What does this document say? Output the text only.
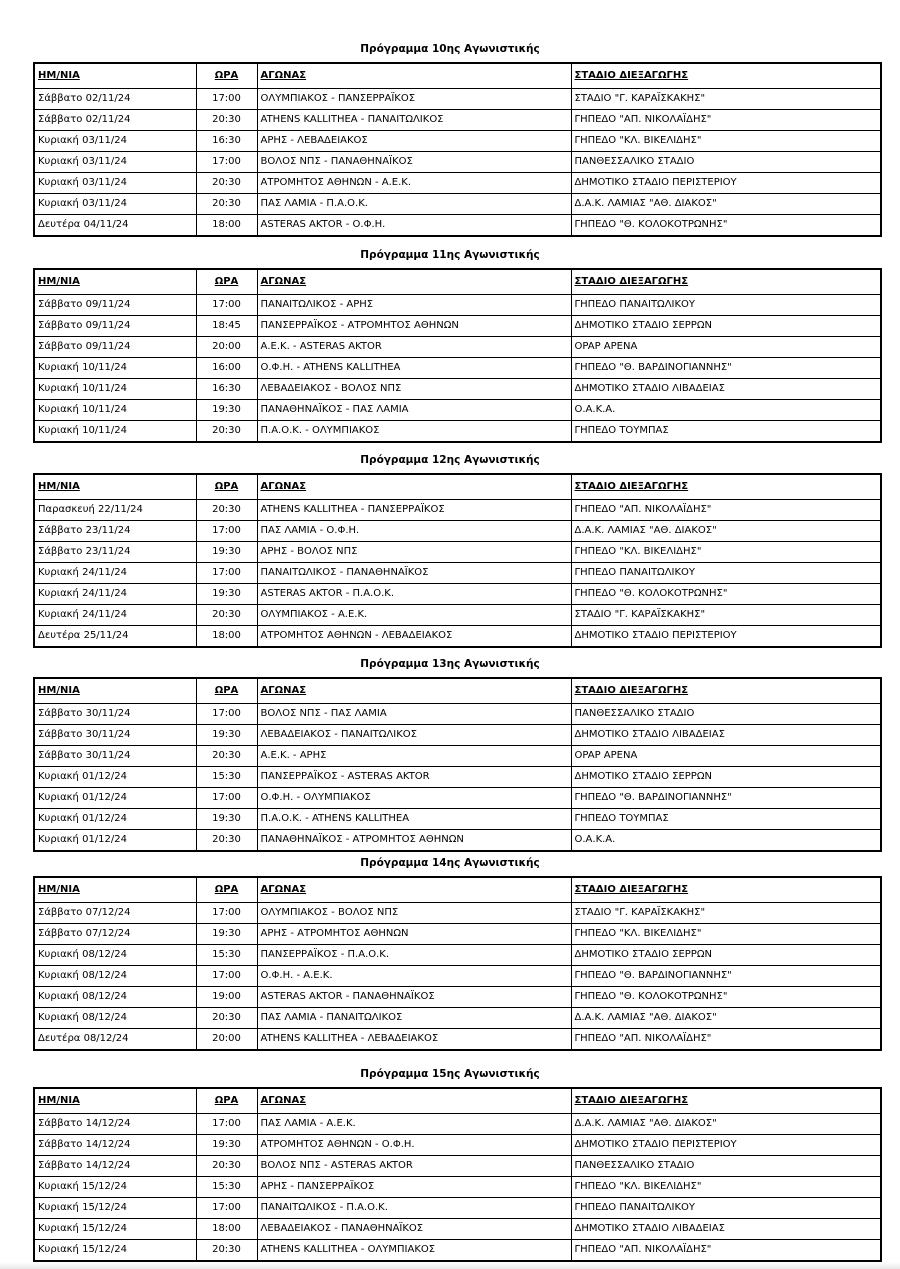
Πρόγραμμα 10ης Αγωνιστικής
ΗΜ/ΝΙΑ	ΩΡΑ	ΑΓΩΝΑΣ	ΣΤΑΔΙΟ ΔΙΕΞΑΓΩΓΗΣ
Σάββατο 02/11/24	17:00	ΟΛΥΜΠΙΑΚΟΣ - ΠΑΝΣΕΡΡΑΪΚΟΣ	ΣΤΑΔΙΟ "Γ. ΚΑΡΑΪΣΚΑΚΗΣ"
Σάββατο 02/11/24	20:30	ATHENS KALLITHEA - ΠΑΝΑΙΤΩΛΙΚΟΣ	ΓΗΠΕΔΟ "ΑΠ. ΝΙΚΟΛΑΪΔΗΣ"
Κυριακή 03/11/24	16:30	ΑΡΗΣ - ΛΕΒΑΔΕΙΑΚΟΣ	ΓΗΠΕΔΟ "ΚΛ. ΒΙΚΕΛΙΔΗΣ"
Κυριακή 03/11/24	17:00	ΒΟΛΟΣ ΝΠΣ - ΠΑΝΑΘΗΝΑΪΚΟΣ	ΠΑΝΘΕΣΣΑΛΙΚΟ ΣΤΑΔΙΟ
Κυριακή 03/11/24	20:30	ΑΤΡΟΜΗΤΟΣ ΑΘΗΝΩΝ - Α.Ε.Κ.	ΔΗΜΟΤΙΚΟ ΣΤΑΔΙΟ ΠΕΡΙΣΤΕΡΙΟΥ
Κυριακή 03/11/24	20:30	ΠΑΣ ΛΑΜΙΑ - Π.Α.Ο.Κ.	Δ.Α.Κ. ΛΑΜΙΑΣ "ΑΘ. ΔΙΑΚΟΣ"
Δευτέρα 04/11/24	18:00	ASTERAS AKTOR - Ο.Φ.Η.	ΓΗΠΕΔΟ "Θ. ΚΟΛΟΚΟΤΡΩΝΗΣ"
Πρόγραμμα 11ης Αγωνιστικής
ΗΜ/ΝΙΑ	ΩΡΑ	ΑΓΩΝΑΣ	ΣΤΑΔΙΟ ΔΙΕΞΑΓΩΓΗΣ
Σάββατο 09/11/24	17:00	ΠΑΝΑΙΤΩΛΙΚΟΣ - ΑΡΗΣ	ΓΗΠΕΔΟ ΠΑΝΑΙΤΩΛΙΚΟΥ
Σάββατο 09/11/24	18:45	ΠΑΝΣΕΡΡΑΪΚΟΣ - ΑΤΡΟΜΗΤΟΣ ΑΘΗΝΩΝ	ΔΗΜΟΤΙΚΟ ΣΤΑΔΙΟ ΣΕΡΡΩΝ
Σάββατο 09/11/24	20:00	Α.Ε.Κ. - ASTERAS AKTOR	OPAP ΑΡΕΝΑ
Κυριακή 10/11/24	16:00	Ο.Φ.Η. - ATHENS KALLITHEA	ΓΗΠΕΔΟ "Θ. ΒΑΡΔΙΝΟΓΙΑΝΝΗΣ"
Κυριακή 10/11/24	16:30	ΛΕΒΑΔΕΙΑΚΟΣ - ΒΟΛΟΣ ΝΠΣ	ΔΗΜΟΤΙΚΟ ΣΤΑΔΙΟ ΛΙΒΑΔΕΙΑΣ
Κυριακή 10/11/24	19:30	ΠΑΝΑΘΗΝΑΪΚΟΣ - ΠΑΣ ΛΑΜΙΑ	Ο.Α.Κ.Α.
Κυριακή 10/11/24	20:30	Π.Α.Ο.Κ. - ΟΛΥΜΠΙΑΚΟΣ	ΓΗΠΕΔΟ ΤΟΥΜΠΑΣ
Πρόγραμμα 12ης Αγωνιστικής
ΗΜ/ΝΙΑ	ΩΡΑ	ΑΓΩΝΑΣ	ΣΤΑΔΙΟ ΔΙΕΞΑΓΩΓΗΣ
Παρασκευή 22/11/24	20:30	ATHENS KALLITHEA - ΠΑΝΣΕΡΡΑΪΚΟΣ	ΓΗΠΕΔΟ "ΑΠ. ΝΙΚΟΛΑΪΔΗΣ"
Σάββατο 23/11/24	17:00	ΠΑΣ ΛΑΜΙΑ - Ο.Φ.Η.	Δ.Α.Κ. ΛΑΜΙΑΣ "ΑΘ. ΔΙΑΚΟΣ"
Σάββατο 23/11/24	19:30	ΑΡΗΣ - ΒΟΛΟΣ ΝΠΣ	ΓΗΠΕΔΟ "ΚΛ. ΒΙΚΕΛΙΔΗΣ"
Κυριακή 24/11/24	17:00	ΠΑΝΑΙΤΩΛΙΚΟΣ - ΠΑΝΑΘΗΝΑΪΚΟΣ	ΓΗΠΕΔΟ ΠΑΝΑΙΤΩΛΙΚΟΥ
Κυριακή 24/11/24	19:30	ASTERAS AKTOR - Π.Α.Ο.Κ.	ΓΗΠΕΔΟ "Θ. ΚΟΛΟΚΟΤΡΩΝΗΣ"
Κυριακή 24/11/24	20:30	ΟΛΥΜΠΙΑΚΟΣ - Α.Ε.Κ.	ΣΤΑΔΙΟ "Γ. ΚΑΡΑΪΣΚΑΚΗΣ"
Δευτέρα 25/11/24	18:00	ΑΤΡΟΜΗΤΟΣ ΑΘΗΝΩΝ - ΛΕΒΑΔΕΙΑΚΟΣ	ΔΗΜΟΤΙΚΟ ΣΤΑΔΙΟ ΠΕΡΙΣΤΕΡΙΟΥ
Πρόγραμμα 13ης Αγωνιστικής
ΗΜ/ΝΙΑ	ΩΡΑ	ΑΓΩΝΑΣ	ΣΤΑΔΙΟ ΔΙΕΞΑΓΩΓΗΣ
Σάββατο 30/11/24	17:00	ΒΟΛΟΣ ΝΠΣ - ΠΑΣ ΛΑΜΙΑ	ΠΑΝΘΕΣΣΑΛΙΚΟ ΣΤΑΔΙΟ
Σάββατο 30/11/24	19:30	ΛΕΒΑΔΕΙΑΚΟΣ - ΠΑΝΑΙΤΩΛΙΚΟΣ	ΔΗΜΟΤΙΚΟ ΣΤΑΔΙΟ ΛΙΒΑΔΕΙΑΣ
Σάββατο 30/11/24	20:30	Α.Ε.Κ. - ΑΡΗΣ	OPAP ΑΡΕΝΑ
Κυριακή 01/12/24	15:30	ΠΑΝΣΕΡΡΑΪΚΟΣ - ASTERAS AKTOR	ΔΗΜΟΤΙΚΟ ΣΤΑΔΙΟ ΣΕΡΡΩΝ
Κυριακή 01/12/24	17:00	Ο.Φ.Η. - ΟΛΥΜΠΙΑΚΟΣ	ΓΗΠΕΔΟ "Θ. ΒΑΡΔΙΝΟΓΙΑΝΝΗΣ"
Κυριακή 01/12/24	19:30	Π.Α.Ο.Κ. - ATHENS KALLITHEA	ΓΗΠΕΔΟ ΤΟΥΜΠΑΣ
Κυριακή 01/12/24	20:30	ΠΑΝΑΘΗΝΑΪΚΟΣ - ΑΤΡΟΜΗΤΟΣ ΑΘΗΝΩΝ	Ο.Α.Κ.Α.
Πρόγραμμα 14ης Αγωνιστικής
ΗΜ/ΝΙΑ	ΩΡΑ	ΑΓΩΝΑΣ	ΣΤΑΔΙΟ ΔΙΕΞΑΓΩΓΗΣ
Σάββατο 07/12/24	17:00	ΟΛΥΜΠΙΑΚΟΣ - ΒΟΛΟΣ ΝΠΣ	ΣΤΑΔΙΟ "Γ. ΚΑΡΑΪΣΚΑΚΗΣ"
Σάββατο 07/12/24	19:30	ΑΡΗΣ - ΑΤΡΟΜΗΤΟΣ ΑΘΗΝΩΝ	ΓΗΠΕΔΟ "ΚΛ. ΒΙΚΕΛΙΔΗΣ"
Κυριακή 08/12/24	15:30	ΠΑΝΣΕΡΡΑΪΚΟΣ - Π.Α.Ο.Κ.	ΔΗΜΟΤΙΚΟ ΣΤΑΔΙΟ ΣΕΡΡΩΝ
Κυριακή 08/12/24	17:00	Ο.Φ.Η. - Α.Ε.Κ.	ΓΗΠΕΔΟ "Θ. ΒΑΡΔΙΝΟΓΙΑΝΝΗΣ"
Κυριακή 08/12/24	19:00	ASTERAS AKTOR - ΠΑΝΑΘΗΝΑΪΚΟΣ	ΓΗΠΕΔΟ "Θ. ΚΟΛΟΚΟΤΡΩΝΗΣ"
Κυριακή 08/12/24	20:30	ΠΑΣ ΛΑΜΙΑ - ΠΑΝΑΙΤΩΛΙΚΟΣ	Δ.Α.Κ. ΛΑΜΙΑΣ "ΑΘ. ΔΙΑΚΟΣ"
Δευτέρα 08/12/24	20:00	ATHENS KALLITHEA - ΛΕΒΑΔΕΙΑΚΟΣ	ΓΗΠΕΔΟ "ΑΠ. ΝΙΚΟΛΑΪΔΗΣ"
Πρόγραμμα 15ης Αγωνιστικής
ΗΜ/ΝΙΑ	ΩΡΑ	ΑΓΩΝΑΣ	ΣΤΑΔΙΟ ΔΙΕΞΑΓΩΓΗΣ
Σάββατο 14/12/24	17:00	ΠΑΣ ΛΑΜΙΑ - Α.Ε.Κ.	Δ.Α.Κ. ΛΑΜΙΑΣ "ΑΘ. ΔΙΑΚΟΣ"
Σάββατο 14/12/24	19:30	ΑΤΡΟΜΗΤΟΣ ΑΘΗΝΩΝ - Ο.Φ.Η.	ΔΗΜΟΤΙΚΟ ΣΤΑΔΙΟ ΠΕΡΙΣΤΕΡΙΟΥ
Σάββατο 14/12/24	20:30	ΒΟΛΟΣ ΝΠΣ - ASTERAS AKTOR	ΠΑΝΘΕΣΣΑΛΙΚΟ ΣΤΑΔΙΟ
Κυριακή 15/12/24	15:30	ΑΡΗΣ - ΠΑΝΣΕΡΡΑΪΚΟΣ	ΓΗΠΕΔΟ "ΚΛ. ΒΙΚΕΛΙΔΗΣ"
Κυριακή 15/12/24	17:00	ΠΑΝΑΙΤΩΛΙΚΟΣ - Π.Α.Ο.Κ.	ΓΗΠΕΔΟ ΠΑΝΑΙΤΩΛΙΚΟΥ
Κυριακή 15/12/24	18:00	ΛΕΒΑΔΕΙΑΚΟΣ - ΠΑΝΑΘΗΝΑΪΚΟΣ	ΔΗΜΟΤΙΚΟ ΣΤΑΔΙΟ ΛΙΒΑΔΕΙΑΣ
Κυριακή 15/12/24	20:30	ATHENS KALLITHEA - ΟΛΥΜΠΙΑΚΟΣ	ΓΗΠΕΔΟ "ΑΠ. ΝΙΚΟΛΑΪΔΗΣ"
